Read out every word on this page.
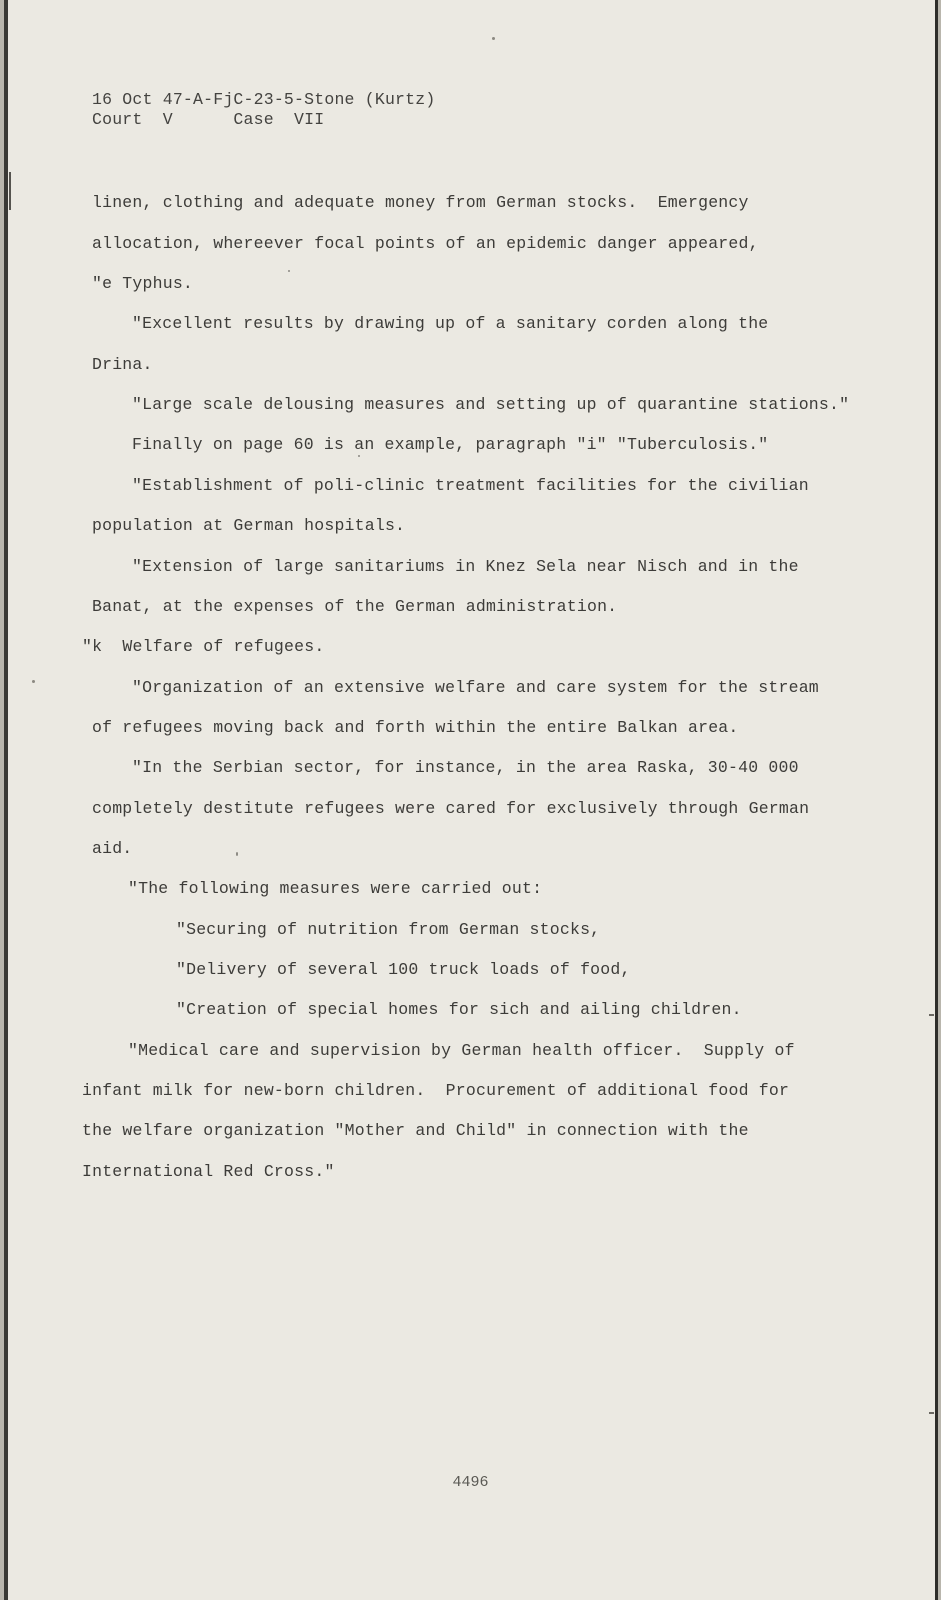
16 Oct 47-A-FjC-23-5-Stone (Kurtz)
Court  V      Case  VII
linen, clothing and adequate money from German stocks.  Emergency
allocation, whereever focal points of an epidemic danger appeared,
"e Typhus.
"Excellent results by drawing up of a sanitary corden along the
Drina.
"Large scale delousing measures and setting up of quarantine stations."
Finally on page 60 is an example, paragraph "i" "Tuberculosis."
"Establishment of poli-clinic treatment facilities for the civilian
population at German hospitals.
"Extension of large sanitariums in Knez Sela near Nisch and in the
Banat, at the expenses of the German administration.
"k  Welfare of refugees.
"Organization of an extensive welfare and care system for the stream
of refugees moving back and forth within the entire Balkan area.
"In the Serbian sector, for instance, in the area Raska, 30-40 000
completely destitute refugees were cared for exclusively through German
aid.
"The following measures were carried out:
"Securing of nutrition from German stocks,
"Delivery of several 100 truck loads of food,
"Creation of special homes for sich and ailing children.
"Medical care and supervision by German health officer.  Supply of
infant milk for new-born children.  Procurement of additional food for
the welfare organization "Mother and Child" in connection with the
International Red Cross."
4496
